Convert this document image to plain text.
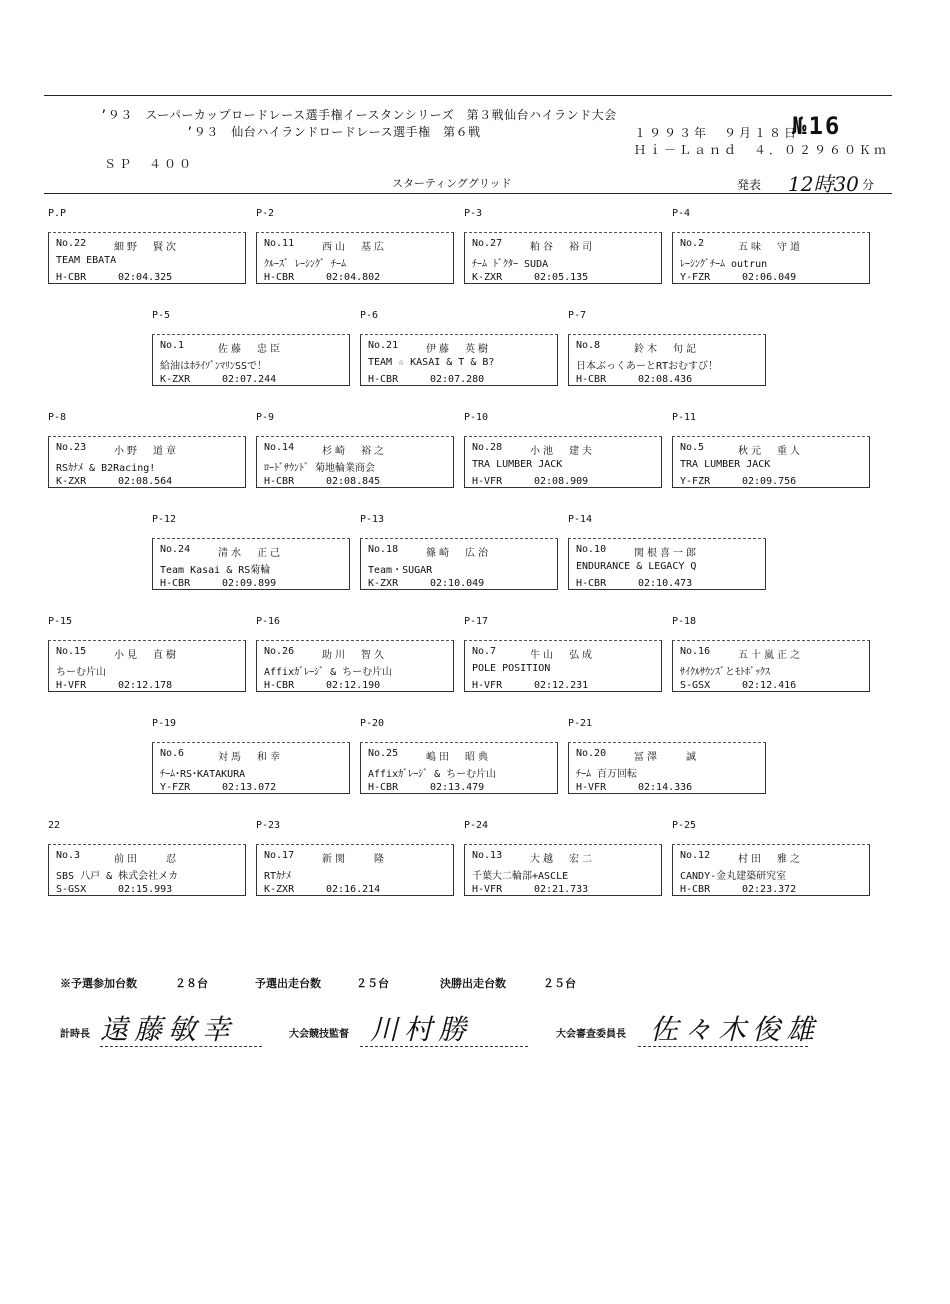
’９３　スーパーカップロードレース選手権イースタンシリーズ　第３戦仙台ハイランド大会
’９３　仙台ハイランドロードレース選手権　第６戦	１９９３年　９月１８日
№16
Ｈｉ－Ｌａｎｄ　４．０２９６０Ｋｍ
ＳＰ　４００
スターティンググリッド	発表 12時30 分
P.P
No.22	細野　賢次
TEAM EBATA
H-CBR	02:04.325
P-2
No.11	西山　基広
ｸﾙｰｽﾞ ﾚｰｼﾝｸﾞ ﾁｰﾑ
H-CBR	02:04.802
P-3
No.27	粕谷　裕司
ﾁｰﾑ ﾄﾞｸﾀｰ SUDA
K-ZXR	02:05.135
P-4
No.2	五味　守道
ﾚｰｼﾝｸﾞﾁｰﾑ outrun
Y-FZR	02:06.049
P-5
No.1	佐藤　忠臣
給油はﾎﾗｲｿﾞﾝﾏﾘﾝSSで！
K-ZXR	02:07.244
P-6
No.21	伊藤　英樹
TEAM ☆ KASAI & T & B?
H-CBR	02:07.280
P-7
No.8	鈴木　旬記
日本ぶっくあーとRTおむすび！
H-CBR	02:08.436
P-8
No.23	小野　道章
RSｶﾅﾒ & B2Racing!
K-ZXR	02:08.564
P-9
No.14	杉崎　裕之
ﾛｰﾄﾞｻｳﾝﾄﾞ 菊地輪業商会
H-CBR	02:08.845
P-10
No.28	小池　建夫
TRA LUMBER JACK
H-VFR	02:08.909
P-11
No.5	秋元　重人
TRA LUMBER JACK
Y-FZR	02:09.756
P-12
No.24	清水　正己
Team Kasai & RS菊輪
H-CBR	02:09.899
P-13
No.18	篠崎　広治
Team・SUGAR
K-ZXR	02:10.049
P-14
No.10	関根喜一郎
ENDURANCE & LEGACY Q
H-CBR	02:10.473
P-15
No.15	小見　直樹
ちーむ片山
H-VFR	02:12.178
P-16
No.26	助川　智久
Affixｶﾞﾚｰｼﾞ & ちーむ片山
H-CBR	02:12.190
P-17
No.7	牛山　弘成
POLE POSITION
H-VFR	02:12.231
P-18
No.16	五十嵐正之
ｻｲｸﾙｻｳﾝｽﾞとﾓﾄﾎﾞｯｸｽ
S-GSX	02:12.416
P-19
No.6	対馬　和幸
ﾁｰﾑ･RS･KATAKURA
Y-FZR	02:13.072
P-20
No.25	嶋田　昭典
Affixｶﾞﾚｰｼﾞ & ちーむ片山
H-CBR	02:13.479
P-21
No.20	冨澤　　誠
ﾁｰﾑ 百万回転
H-VFR	02:14.336
22
No.3	前田　　忍
SBS 八戸 & 株式会社メカ
S-GSX	02:15.993
P-23
No.17	新関　　隆
RTｶﾅﾒ
K-ZXR	02:16.214
P-24
No.13	大越　宏二
千葉大二輪部+ASCLE
H-VFR	02:21.733
P-25
No.12	村田　雅之
CANDY-金丸建築研究室
H-CBR	02:23.372
※予選参加台数	２８台	予選出走台数	２５台	決勝出走台数	２５台
計時長 遠藤敏幸	大会競技監督 川村勝	大会審査委員長 佐々木俊雄
